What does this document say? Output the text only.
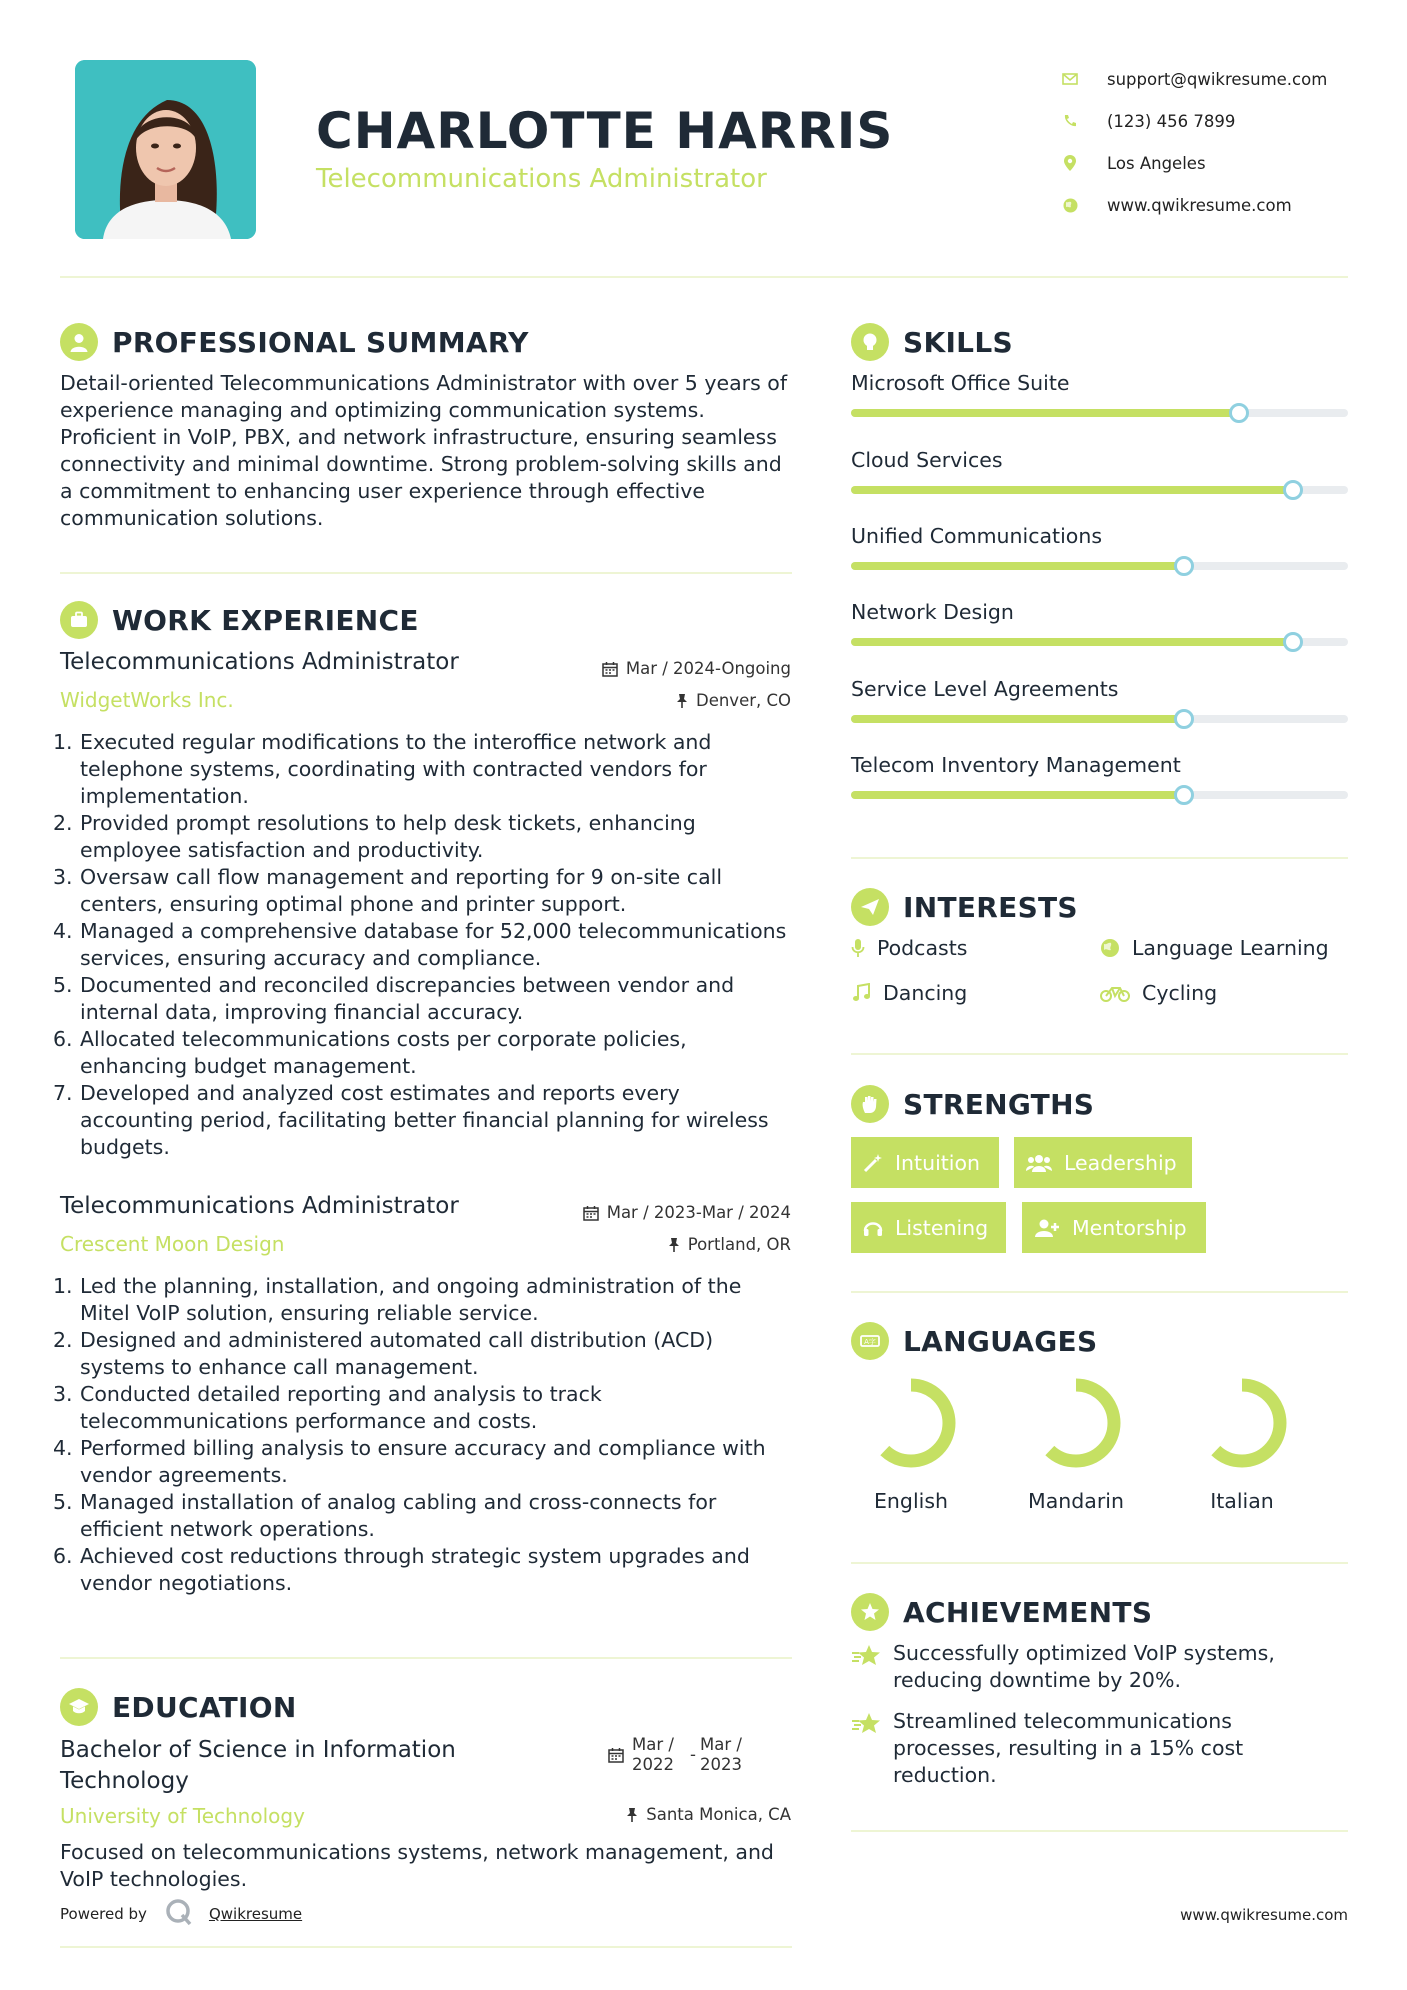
CHARLOTTE HARRIS
Telecommunications Administrator
support@qwikresume.com
(123) 456 7899
Los Angeles
www.qwikresume.com
PROFESSIONAL SUMMARY
Detail-oriented Telecommunications Administrator with over 5 years of experience managing and optimizing communication systems. Proficient in VoIP, PBX, and network infrastructure, ensuring seamless connectivity and minimal downtime. Strong problem-solving skills and a commitment to enhancing user experience through effective communication solutions.
WORK EXPERIENCE
Telecommunications Administrator
WidgetWorks Inc.
Mar / 2024-Ongoing
Denver, CO
Executed regular modifications to the interoffice network and telephone systems, coordinating with contracted vendors for implementation.
Provided prompt resolutions to help desk tickets, enhancing employee satisfaction and productivity.
Oversaw call flow management and reporting for 9 on-site call centers, ensuring optimal phone and printer support.
Managed a comprehensive database for 52,000 telecommunications services, ensuring accuracy and compliance.
Documented and reconciled discrepancies between vendor and internal data, improving financial accuracy.
Allocated telecommunications costs per corporate policies, enhancing budget management.
Developed and analyzed cost estimates and reports every accounting period, facilitating better financial planning for wireless budgets.
Telecommunications Administrator
Crescent Moon Design
Mar / 2023-Mar / 2024
Portland, OR
Led the planning, installation, and ongoing administration of the Mitel VoIP solution, ensuring reliable service.
Designed and administered automated call distribution (ACD) systems to enhance call management.
Conducted detailed reporting and analysis to track telecommunications performance and costs.
Performed billing analysis to ensure accuracy and compliance with vendor agreements.
Managed installation of analog cabling and cross-connects for efficient network operations.
Achieved cost reductions through strategic system upgrades and vendor negotiations.
EDUCATION
Bachelor of Science in Information Technology
University of Technology
Mar / 2022
-
Mar / 2023
Santa Monica, CA
Focused on telecommunications systems, network management, and VoIP technologies.
Powered by	Qwikresume	www.qwikresume.com
SKILLS
Microsoft Office Suite
Cloud Services
Unified Communications
Network Design
Service Level Agreements
Telecom Inventory Management
INTERESTS
Podcasts	Language Learning
Dancing	Cycling
STRENGTHS
Intuition	Leadership
Listening	Mentorship
A字 LANGUAGES
English	Mandarin	Italian
ACHIEVEMENTS
Successfully optimized VoIP systems, reducing downtime by 20%.
Streamlined telecommunications processes, resulting in a 15% cost reduction.
